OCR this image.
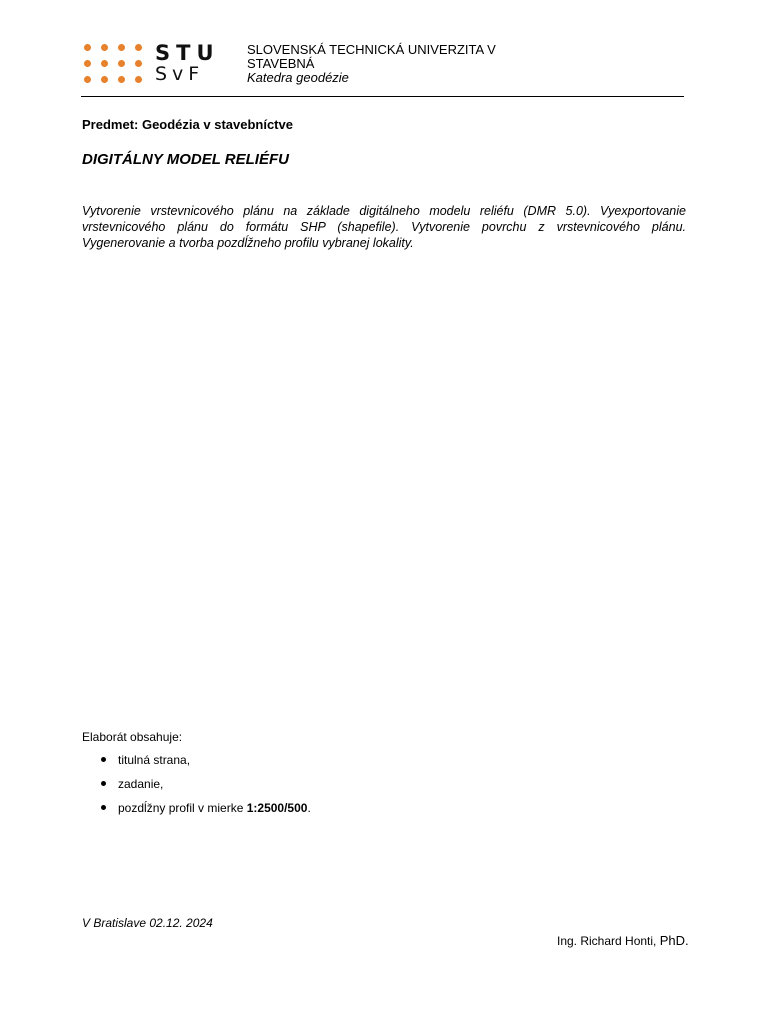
STU
SvF
SLOVENSKÁ TECHNICKÁ UNIVERZITA V STAVEBNÁ
Katedra geodézie
Predmet: Geodézia v stavebníctve
DIGITÁLNY MODEL RELIÉFU

Vytvorenie vrstevnicového plánu na základe digitálneho modelu reliéfu (DMR 5.0). Vyexportovanie vrstevnicového plánu do formátu SHP (shapefile). Vytvorenie povrchu z vrstevnicového plánu. Vygenerovanie a tvorba pozdĺžneho profilu vybranej lokality.

Elaborát obsahuje:
titulná strana,
zadanie,
pozdĺžny profil v mierke 1:2500/500.
V Bratislave 02.12. 2024
Ing. Richard Honti, PhD.
